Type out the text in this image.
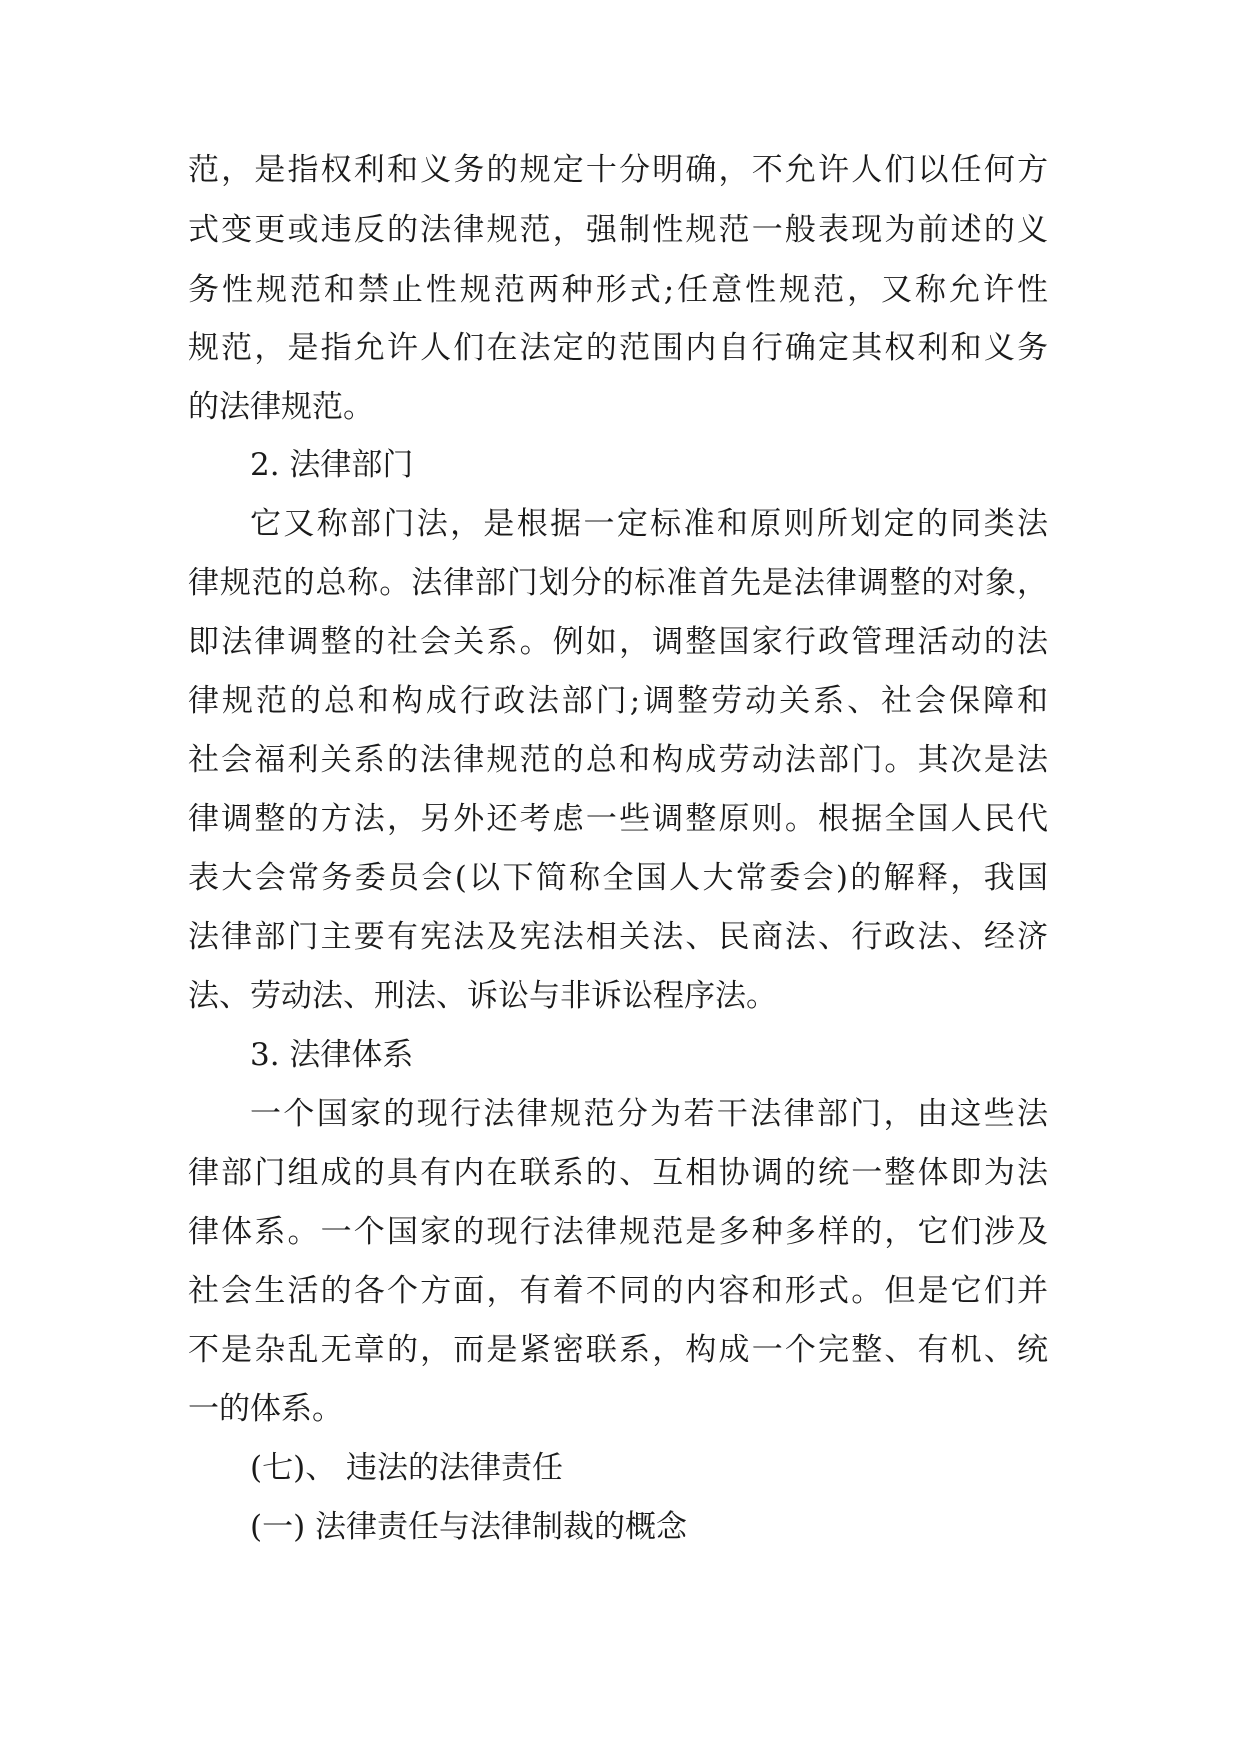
范，是指权利和义务的规定十分明确，不允许人们以任何方
式变更或违反的法律规范，强制性规范一般表现为前述的义
务性规范和禁止性规范两种形式;任意性规范，又称允许性
规范，是指允许人们在法定的范围内自行确定其权利和义务
的法律规范。
2. 法律部门
它又称部门法，是根据一定标准和原则所划定的同类法
律规范的总称。法律部门划分的标准首先是法律调整的对象，
即法律调整的社会关系。例如，调整国家行政管理活动的法
律规范的总和构成行政法部门;调整劳动关系、社会保障和
社会福利关系的法律规范的总和构成劳动法部门。其次是法
律调整的方法，另外还考虑一些调整原则。根据全国人民代
表大会常务委员会(以下简称全国人大常委会)的解释，我国
法律部门主要有宪法及宪法相关法、民商法、行政法、经济
法、劳动法、刑法、诉讼与非诉讼程序法。
3. 法律体系
一个国家的现行法律规范分为若干法律部门，由这些法
律部门组成的具有内在联系的、互相协调的统一整体即为法
律体系。一个国家的现行法律规范是多种多样的，它们涉及
社会生活的各个方面，有着不同的内容和形式。但是它们并
不是杂乱无章的，而是紧密联系，构成一个完整、有机、统
一的体系。
(七)、 违法的法律责任
(一) 法律责任与法律制裁的概念
